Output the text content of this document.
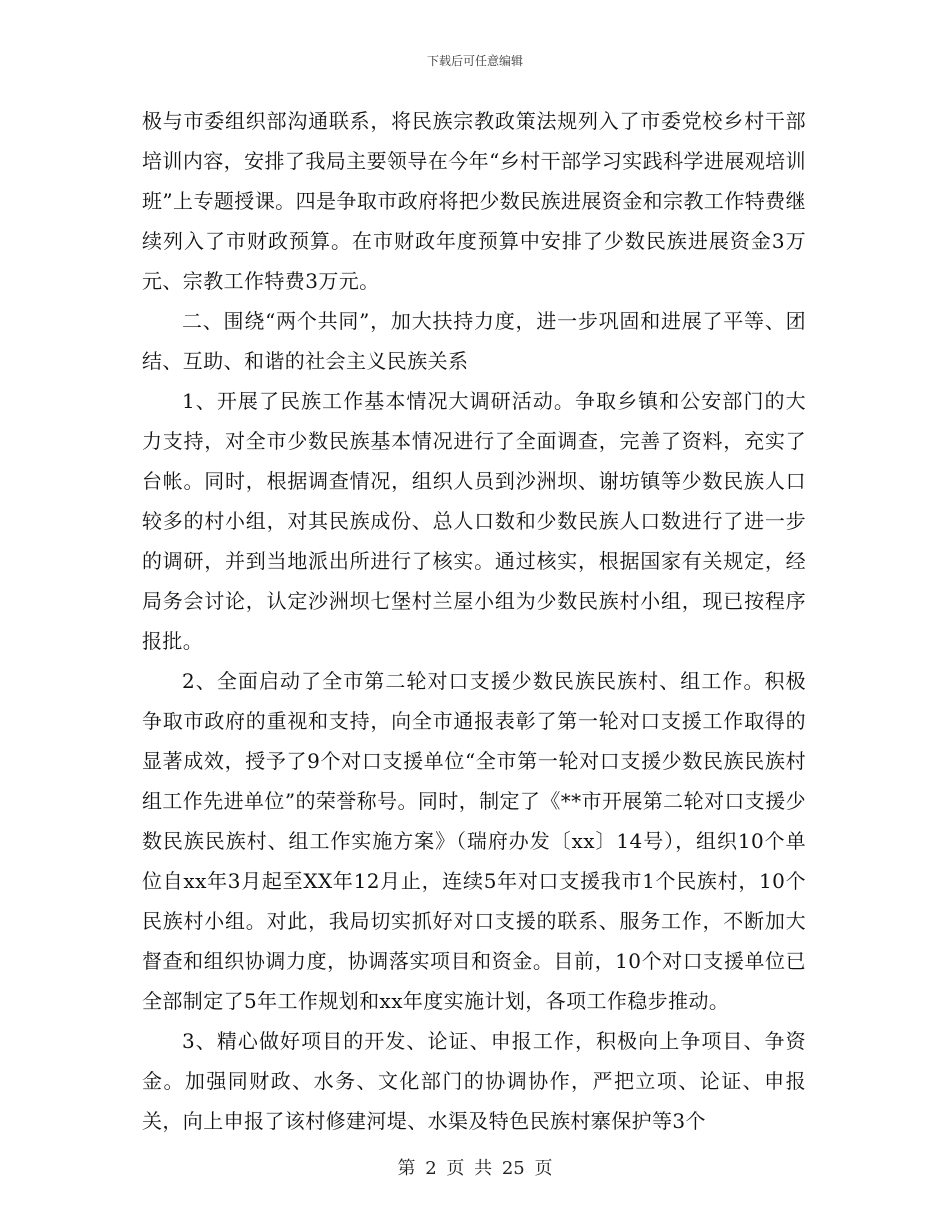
下载后可任意编辑

极与市委组织部沟通联系，将民族宗教政策法规列入了市委党校乡村干部培训内容，安排了我局主要领导在今年“乡村干部学习实践科学进展观培训班”上专题授课。四是争取市政府将把少数民族进展资金和宗教工作特费继续列入了市财政预算。在市财政年度预算中安排了少数民族进展资金3万元、宗教工作特费3万元。

二、围绕“两个共同”，加大扶持力度，进一步巩固和进展了平等、团结、互助、和谐的社会主义民族关系

1、开展了民族工作基本情况大调研活动。争取乡镇和公安部门的大力支持，对全市少数民族基本情况进行了全面调查，完善了资料，充实了台帐。同时，根据调查情况，组织人员到沙洲坝、谢坊镇等少数民族人口较多的村小组，对其民族成份、总人口数和少数民族人口数进行了进一步的调研，并到当地派出所进行了核实。通过核实，根据国家有关规定，经局务会讨论，认定沙洲坝七堡村兰屋小组为少数民族村小组，现已按程序报批。

2、全面启动了全市第二轮对口支援少数民族民族村、组工作。积极争取市政府的重视和支持，向全市通报表彰了第一轮对口支援工作取得的显著成效，授予了9个对口支援单位“全市第一轮对口支援少数民族民族村组工作先进单位”的荣誉称号。同时，制定了《**市开展第二轮对口支援少数民族民族村、组工作实施方案》（瑞府办发〔xx〕14号），组织10个单位自xx年3月起至XX年12月止，连续5年对口支援我市1个民族村，10个民族村小组。对此，我局切实抓好对口支援的联系、服务工作，不断加大督查和组织协调力度，协调落实项目和资金。目前，10个对口支援单位已全部制定了5年工作规划和xx年度实施计划，各项工作稳步推动。

3、精心做好项目的开发、论证、申报工作，积极向上争项目、争资金。加强同财政、水务、文化部门的协调协作，严把立项、论证、申报关，向上申报了该村修建河堤、水渠及特色民族村寨保护等3个

第 2 页 共 25 页
